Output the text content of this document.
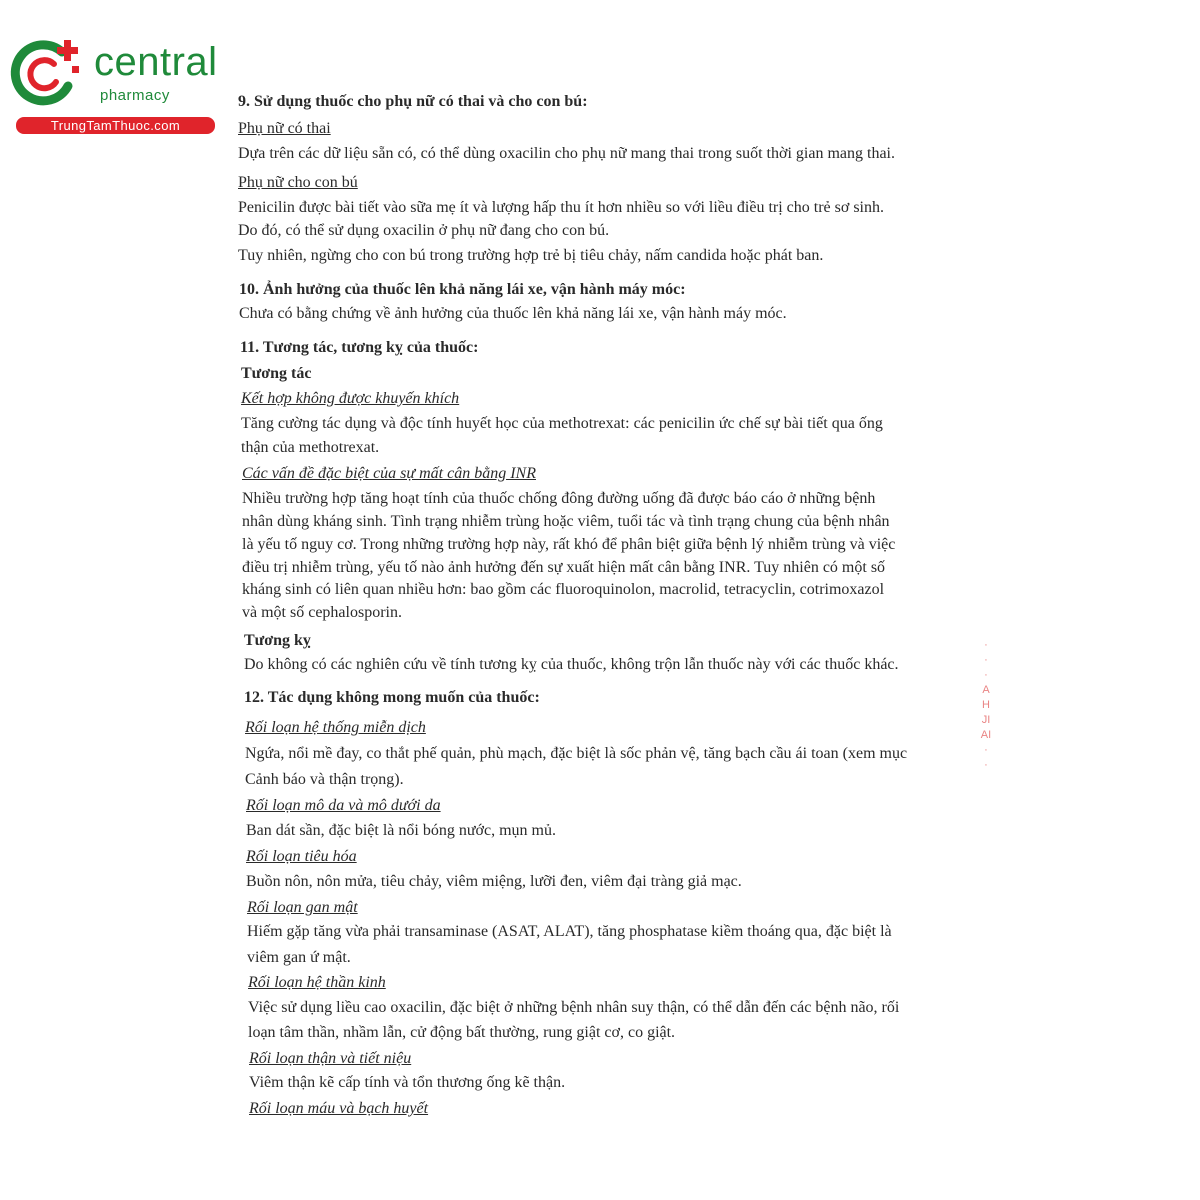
central
pharmacy
TrungTamThuoc.com
9. Sử dụng thuốc cho phụ nữ có thai và cho con bú:
Phụ nữ có thai
Dựa trên các dữ liệu sẵn có, có thể dùng oxacilin cho phụ nữ mang thai trong suốt thời gian mang thai.
Phụ nữ cho con bú
Penicilin được bài tiết vào sữa mẹ ít và lượng hấp thu ít hơn nhiều so với liều điều trị cho trẻ sơ sinh.
Do đó, có thể sử dụng oxacilin ở phụ nữ đang cho con bú.
Tuy nhiên, ngừng cho con bú trong trường hợp trẻ bị tiêu chảy, nấm candida hoặc phát ban.
10. Ảnh hưởng của thuốc lên khả năng lái xe, vận hành máy móc:
Chưa có bằng chứng về ảnh hưởng của thuốc lên khả năng lái xe, vận hành máy móc.
11. Tương tác, tương kỵ của thuốc:
Tương tác
Kết hợp không được khuyến khích
Tăng cường tác dụng và độc tính huyết học của methotrexat: các penicilin ức chế sự bài tiết qua ống
thận của methotrexat.
Các vấn đề đặc biệt của sự mất cân bằng INR
Nhiều trường hợp tăng hoạt tính của thuốc chống đông đường uống đã được báo cáo ở những bệnh
nhân dùng kháng sinh. Tình trạng nhiễm trùng hoặc viêm, tuổi tác và tình trạng chung của bệnh nhân
là yếu tố nguy cơ. Trong những trường hợp này, rất khó để phân biệt giữa bệnh lý nhiễm trùng và việc
điều trị nhiễm trùng, yếu tố nào ảnh hưởng đến sự xuất hiện mất cân bằng INR. Tuy nhiên có một số
kháng sinh có liên quan nhiều hơn: bao gồm các fluoroquinolon, macrolid, tetracyclin, cotrimoxazol
và một số cephalosporin.
Tương kỵ
Do không có các nghiên cứu về tính tương kỵ của thuốc, không trộn lẫn thuốc này với các thuốc khác.
12. Tác dụng không mong muốn của thuốc:
Rối loạn hệ thống miễn dịch
Ngứa, nổi mề đay, co thắt phế quản, phù mạch, đặc biệt là sốc phản vệ, tăng bạch cầu ái toan (xem mục
Cảnh báo và thận trọng).
Rối loạn mô da và mô dưới da
Ban dát sần, đặc biệt là nổi bóng nước, mụn mủ.
Rối loạn tiêu hóa
Buồn nôn, nôn mửa, tiêu chảy, viêm miệng, lưỡi đen, viêm đại tràng giả mạc.
Rối loạn gan mật
Hiếm gặp tăng vừa phải transaminase (ASAT, ALAT), tăng phosphatase kiềm thoáng qua, đặc biệt là
viêm gan ứ mật.
Rối loạn hệ thần kinh
Việc sử dụng liều cao oxacilin, đặc biệt ở những bệnh nhân suy thận, có thể dẫn đến các bệnh não, rối
loạn tâm thần, nhầm lẫn, cử động bất thường, rung giật cơ, co giật.
Rối loạn thận và tiết niệu
Viêm thận kẽ cấp tính và tổn thương ống kẽ thận.
Rối loạn máu và bạch huyết
·
·
·
A
H
JI
AI
·
·
